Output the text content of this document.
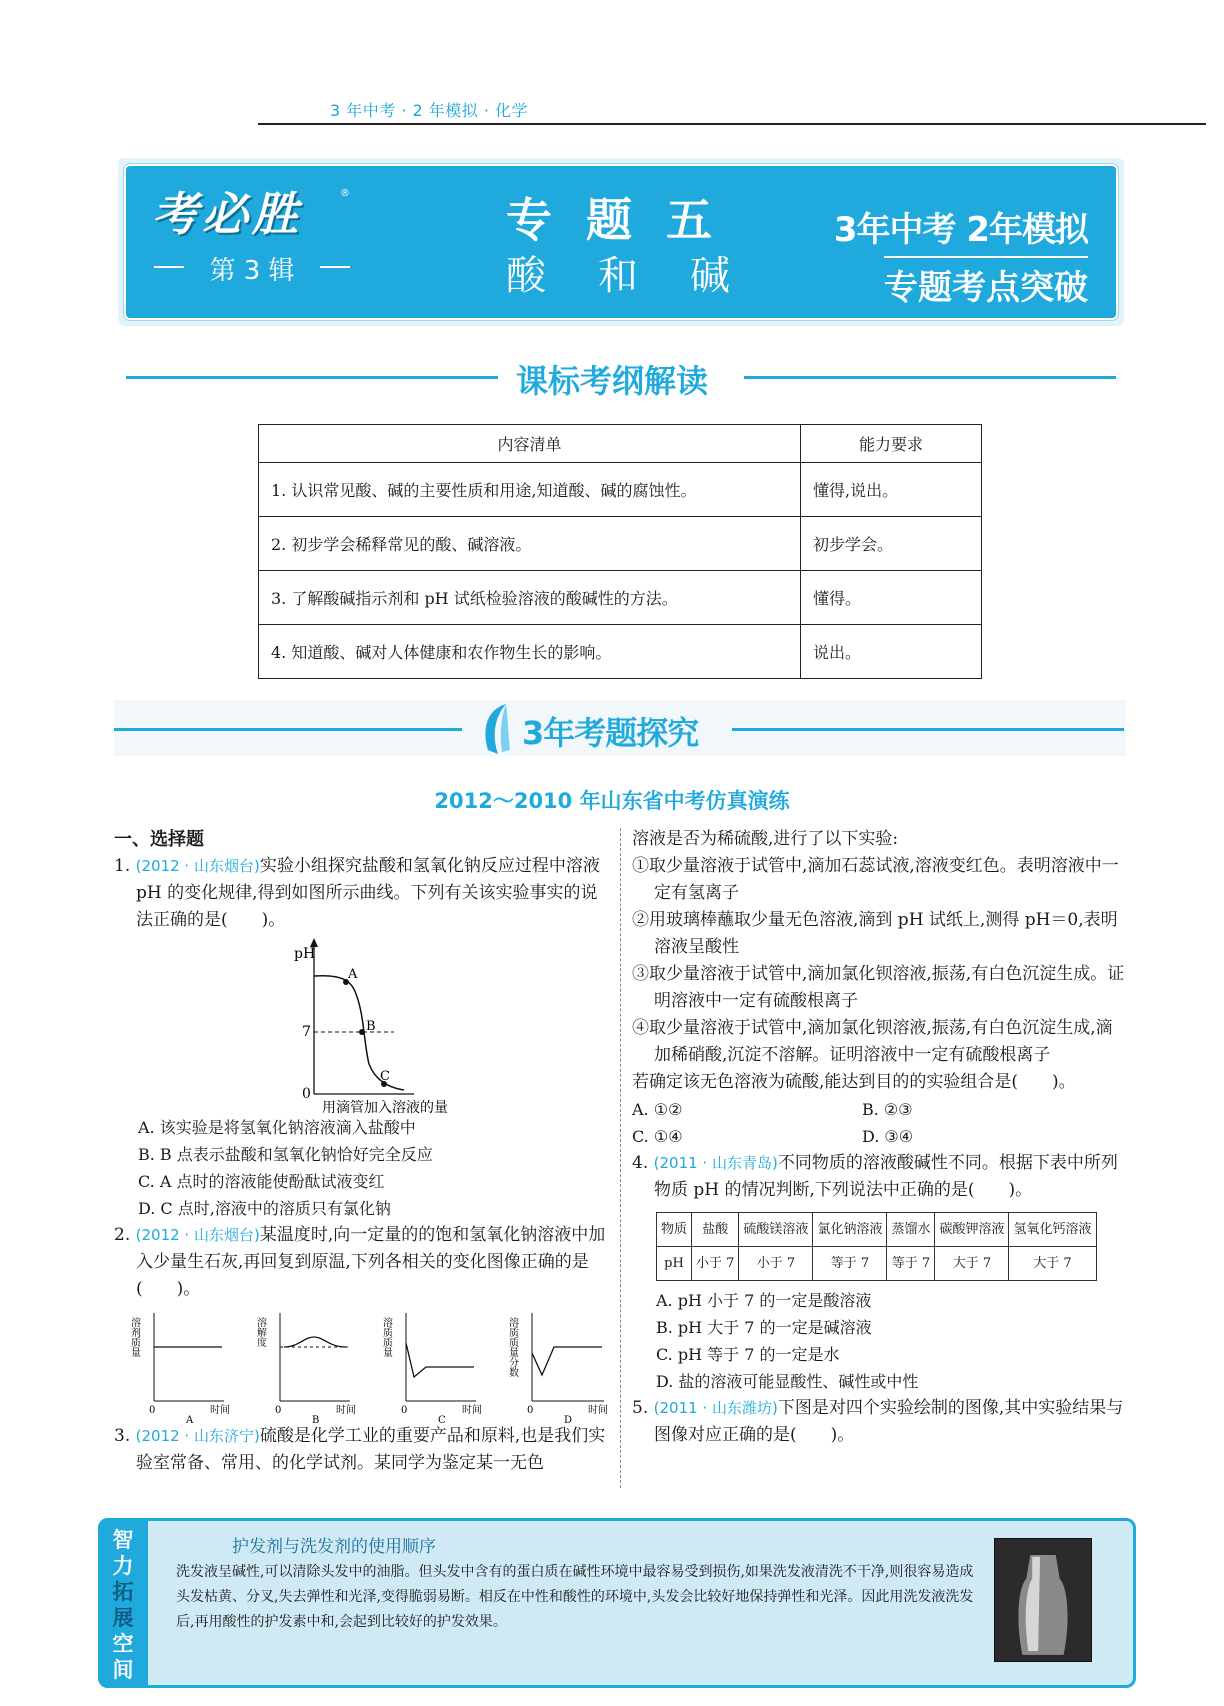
3 年中考 · 2 年模拟 · 化学
考必胜	®
第 3 辑
专题五
酸和碱
3年中考 2年模拟
专题考点突破
课标考纲解读
内容清单	能力要求
1. 认识常见酸、碱的主要性质和用途,知道酸、碱的腐蚀性。	懂得,说出。
2. 初步学会稀释常见的酸、碱溶液。	初步学会。
3. 了解酸碱指示剂和 pH 试纸检验溶液的酸碱性的方法。	懂得。
4. 知道酸、碱对人体健康和农作物生长的影响。	说出。
3年考题探究
2012～2010 年山东省中考仿真演练
一、选择题
1. (2012 · 山东烟台)实验小组探究盐酸和氢氧化钠反应过程中溶液 pH 的变化规律,得到如图所示曲线。下列有关该实验事实的说法正确的是(　　)。
pH
7
0
A
B
C
用滴管加入溶液的量
A. 该实验是将氢氧化钠溶液滴入盐酸中
B. B 点表示盐酸和氢氧化钠恰好完全反应
C. A 点时的溶液能使酚酞试液变红
D. C 点时,溶液中的溶质只有氯化钠
2. (2012 · 山东烟台)某温度时,向一定量的的饱和氢氧化钠溶液中加入少量生石灰,再回复到原温,下列各相关的变化图像正确的是(　　)。
溶剂质量
0	时间
A
溶解度
0	时间
B
溶质质量
0	时间
C
溶质质量分数
0	时间
D
3. (2012 · 山东济宁)硫酸是化学工业的重要产品和原料,也是我们实验室常备、常用、的化学试剂。某同学为鉴定某一无色
溶液是否为稀硫酸,进行了以下实验:
①取少量溶液于试管中,滴加石蕊试液,溶液变红色。表明溶液中一定有氢离子
②用玻璃棒蘸取少量无色溶液,滴到 pH 试纸上,测得 pH＝0,表明溶液呈酸性
③取少量溶液于试管中,滴加氯化钡溶液,振荡,有白色沉淀生成。证明溶液中一定有硫酸根离子
④取少量溶液于试管中,滴加氯化钡溶液,振荡,有白色沉淀生成,滴加稀硝酸,沉淀不溶解。证明溶液中一定有硫酸根离子
若确定该无色溶液为硫酸,能达到目的的实验组合是(　　)。
A. ①②	B. ②③
C. ①④	D. ③④
4. (2011 · 山东青岛)不同物质的溶液酸碱性不同。根据下表中所列物质 pH 的情况判断,下列说法中正确的是(　　)。
物质	盐酸	硫酸镁溶液	氯化钠溶液	蒸馏水	碳酸钾溶液	氢氧化钙溶液
pH	小于 7	小于 7	等于 7	等于 7	大于 7	大于 7
A. pH 小于 7 的一定是酸溶液
B. pH 大于 7 的一定是碱溶液
C. pH 等于 7 的一定是水
D. 盐的溶液可能显酸性、碱性或中性
5. (2011 · 山东潍坊)下图是对四个实验绘制的图像,其中实验结果与图像对应正确的是(　　)。
智
力
拓
展
空
间
护发剂与洗发剂的使用顺序
洗发液呈碱性,可以清除头发中的油脂。但头发中含有的蛋白质在碱性环境中最容易受到损伤,如果洗发液清洗不干净,则很容易造成头发枯黄、分叉,失去弹性和光泽,变得脆弱易断。相反在中性和酸性的环境中,头发会比较好地保持弹性和光泽。因此用洗发液洗发后,再用酸性的护发素中和,会起到比较好的护发效果。
